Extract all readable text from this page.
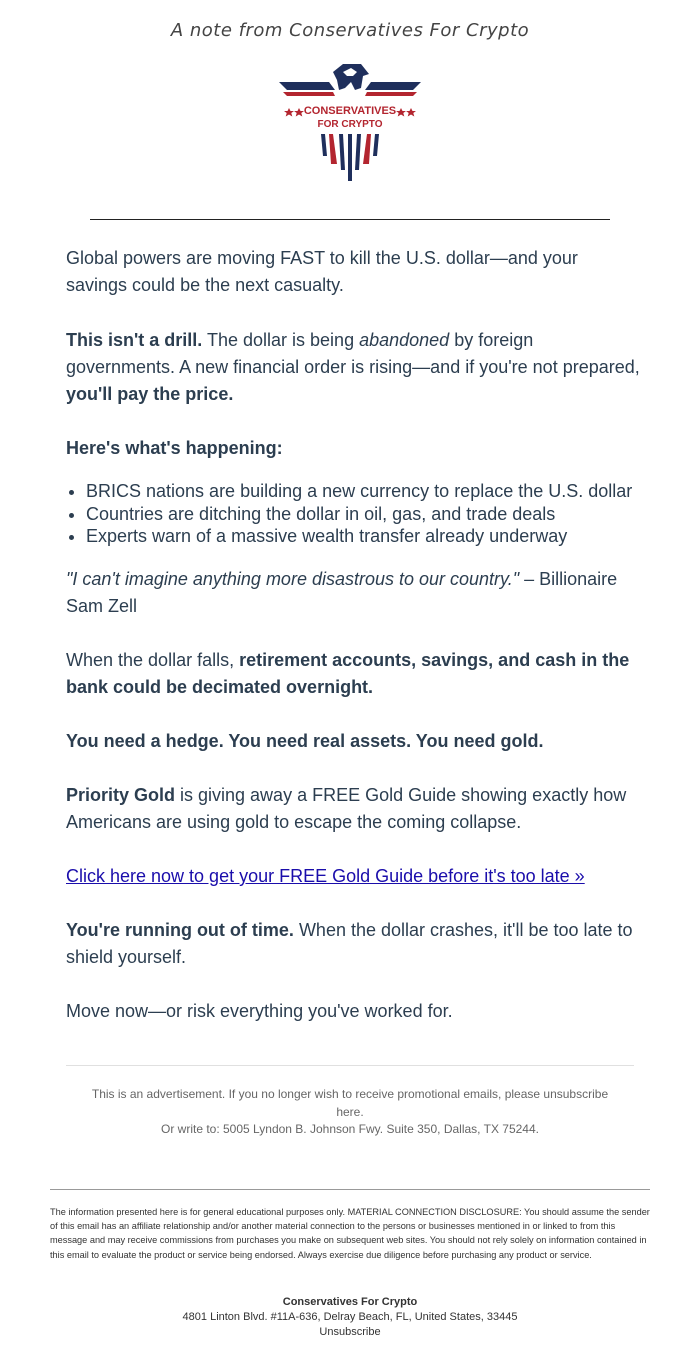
A note from Conservatives For Crypto
CONSERVATIVES
FOR CRYPTO

Global powers are moving FAST to kill the U.S. dollar—and your savings could be the next casualty.

This isn't a drill. The dollar is being abandoned by foreign governments. A new financial order is rising—and if you're not prepared, you'll pay the price.

Here's what's happening:

• BRICS nations are building a new currency to replace the U.S. dollar
• Countries are ditching the dollar in oil, gas, and trade deals
• Experts warn of a massive wealth transfer already underway

"I can't imagine anything more disastrous to our country." – Billionaire Sam Zell

When the dollar falls, retirement accounts, savings, and cash in the bank could be decimated overnight.

You need a hedge. You need real assets. You need gold.

Priority Gold is giving away a FREE Gold Guide showing exactly how Americans are using gold to escape the coming collapse.

Click here now to get your FREE Gold Guide before it's too late »

You're running out of time. When the dollar crashes, it'll be too late to shield yourself.

Move now—or risk everything you've worked for.

This is an advertisement. If you no longer wish to receive promotional emails, please unsubscribe here.
Or write to: 5005 Lyndon B. Johnson Fwy. Suite 350, Dallas, TX 75244.
The information presented here is for general educational purposes only. MATERIAL CONNECTION DISCLOSURE: You should assume the sender of this email has an affiliate relationship and/or another material connection to the persons or businesses mentioned in or linked to from this message and may receive commissions from purchases you make on subsequent web sites. You should not rely solely on information contained in this email to evaluate the product or service being endorsed. Always exercise due diligence before purchasing any product or service.
Conservatives For Crypto
4801 Linton Blvd. #11A-636, Delray Beach, FL, United States, 33445
Unsubscribe
